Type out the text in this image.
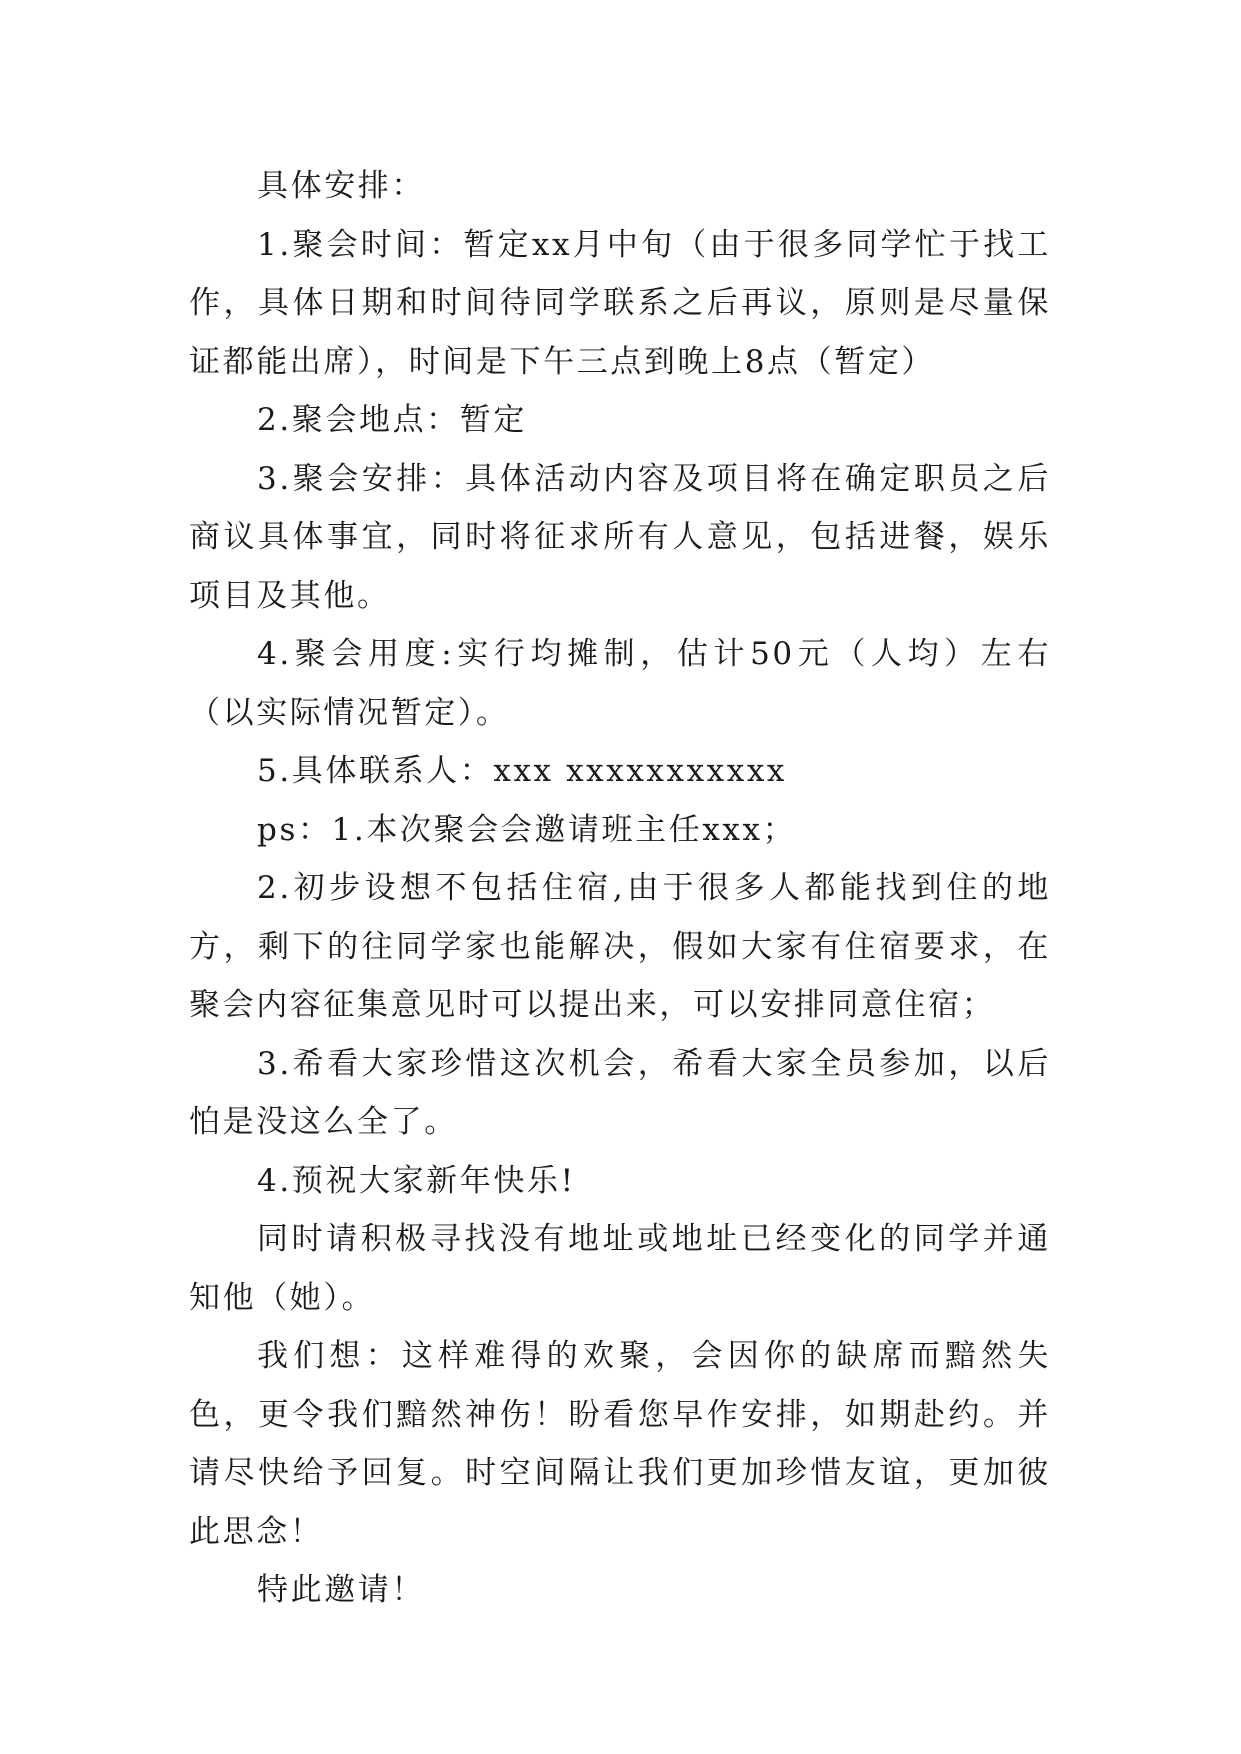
具体安排：

1.聚会时间：暂定xx月中旬（由于很多同学忙于找工作，具体日期和时间待同学联系之后再议，原则是尽量保证都能出席），时间是下午三点到晚上8点（暂定）

2.聚会地点：暂定

3.聚会安排：具体活动内容及项目将在确定职员之后商议具体事宜，同时将征求所有人意见，包括进餐，娱乐项目及其他。

4.聚会用度:实行均摊制，估计50元（人均）左右（以实际情况暂定）。

5.具体联系人：xxx xxxxxxxxxxx

ps：1.本次聚会会邀请班主任xxx；

2.初步设想不包括住宿,由于很多人都能找到住的地方，剩下的往同学家也能解决，假如大家有住宿要求，在聚会内容征集意见时可以提出来，可以安排同意住宿；

3.希看大家珍惜这次机会，希看大家全员参加，以后怕是没这么全了。

4.预祝大家新年快乐!

同时请积极寻找没有地址或地址已经变化的同学并通知他（她）。

我们想：这样难得的欢聚，会因你的缺席而黯然失色，更令我们黯然神伤！盼看您早作安排，如期赴约。并请尽快给予回复。时空间隔让我们更加珍惜友谊，更加彼此思念！

特此邀请！
